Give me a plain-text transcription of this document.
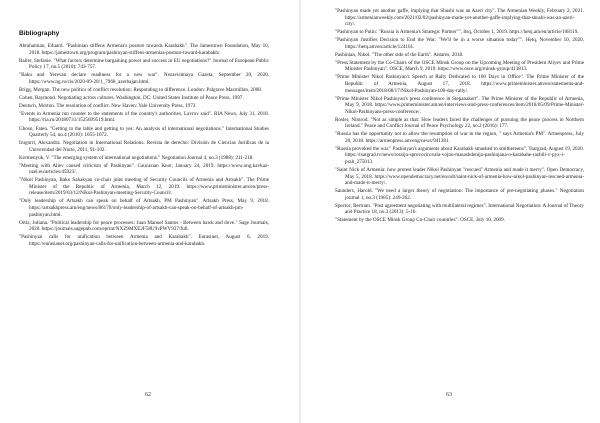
Bibliography
Abrahamian, Eduard. "Pashinian stiffens Armenia's posture towards Karabakh". The Jamestown Foundation, May 10, 2018. https://jamestown.org/program/pashinyan-stiffens-armenias-posture-toward-karabakh/.
Bailer, Stefanie. "What factors determine bargaining power and success in EU negotiations?" Journal of European Public Policy 17, no.5 (2010): 743-757.
"Baku and Yerevan declare readiness for a new war". Nezavisimaya Gazeta, September 20, 2020. https://www.ng.ru/cis/2020-09-20/1_7968_azerbajan.html.
Brigg, Morgan. The new politics of conflict resolution: Responding to difference. London: Palgrave Macmillan, 2008.
Cohen, Raymond. Negotiating across cultures. Washington, DC: United States Institute of Peace Press, 1997.
Deutsch, Morton. The resolution of conflict. New Haven: Yale University Press, 1973.
"Events in Armenia run counter to the statements of the country's authorities, Lavrov said". RIA News, July 31, 2018. https://ria.ru/20180731/1525699519.html.
Ghosn, Faten. "Getting to the table and getting to yes: An analysis of international negotiations." International Studies Quarterly 54, no.4 (2010): 1055-1072.
Irugorri, Alexandra. Negotiation in International Relations. Revista de derecho: División de Ciencias Jurídicas de la Universidad del Norte, 2011, 91-102.
Kremenyuk, V. "The emerging system of international negotiations." Negotiation Journal 4, no.3 (1988): 211-218.
"Meeting with Aliev caused criticism of Pashinyan". Caucasian Knot, January 24, 2019. https://www.ong.kavkaz-uzel.eu/articles/45923/.
"Nikol Pashinyan, Bako Sahakyan co-chair joint meeting of Security Councils of Armenia and Artsakh". The Prime Minister of the Republic of Armenia, March 12, 2019. https://www.primeminister.am/en/press-release/item/2019/03/12/Nikol-Pashinyan-meeting-Security-Council/.
"Only leadership of Artsakh can speak on behalf of Artsakh, PM Pashinyan". Artsakh Press, May 9, 2018. https://artsakhpress.am/eng/news/86170/only-leadership-of-artsakh-can-speak-on-behalf-of-artsakh-pm-pashinyan.html.
Ortiz, Juliana. "Political leadership for peace processes: Juan Manuel Santos - Between hawk and dove." Sage Journals, 2020. https://journals.sagepub.com/eprint/NXZ9MXE2F58U9vPWV937/full.
"Pashinyan calls for unification between Armenia and Karabakh". Eurasinet, August 6, 2019. https://eurasianet.org/pashinyan-calls-for-unification-between-armenia-and-karabakh.
62
"Pashinyan made yet another gaffe, implying that Shushi was an Azeri city". The Armenian Weekly, February 2, 2021. https://armenianweekly.com/2021/02/02/pashinyan-made-yet-another-gaffe-implying-that-shushi-was-an-azeri-city/.
"Pashinyan to Putin: "Russia is Armenia's Strategic Partner"", Itsq, October 1, 2019. https://hetq.am/en/article/108119.
"Pashinyan Justifies Decision to End the War: "We'll be in a worse situation today"". Hetq, November 10, 2020. https://hetq.am/en/article/124161.
Pashinian, Nikol. "The other side of the Earth". Antares, 2018.
"Press Statement by the Co-Chairs of the OSCE Minsk Group on the Upcoming Meeting of President Aliyev and Prime Minister Pashinyan". OSCE, March 9, 2019. https://www.osce.org/minsk-group/413813.
"Prime Minister Nikol Pashinyan's Speech at Rally Dedicated to 100 Days in Office". The Prime Minister of the Republic of Armenia, August 17, 2018. https://www.primeminister.am/en/statements-and-messages/item/2018/08/17/Nikol-Pashinyan-100-day-rally/.
"Prime Minister Nikol Pashinyan's press conference in Stepanakert". The Prime Minister of the Republic of Armenia, May 9, 2018. https://www.primeminister.am/en/interviews-and-press-conferences/item/2018/05/09/Prime-Minister-Nikol-Pashinyans-press-conference/.
Rosler, Nimrod. "Not as simple as that: How leaders faced the challenges of pursuing the peace process in Northern Ireland." Peace and Conflict Journal of Peace Psychology 22, no.2 (2016): 177.
"Russia has the opportunity not to allow the resumption of war in the region, " says Armenia's PM". Armenpress, July 20, 2018. https://armenpress.am/eng/news/941381.
"Russia provoked the war." Pashinyan's arguments about Karabakh smashed to smithereens". Tsargrad, August 19, 2020. https://tsargrad.tv/news/rossija-sprovocirovala-vojnu-masashdenija-pashinjana-o-karabahe-razbili-v-pух-i-prah_275013.
"Saint Nick of Armenia: how protest leader Nikol Pashinyan "rescued" Armenia and made it merry". Open Democracy, May 5, 2018. https://www.opendemocracy.net/en/odr/saint-nick-of-armenia-how-nikol-pashinyan-rescued-armenia-and-made-it-merry/.
Saunders, Harold. "We need a larger theory of negotiation: The importance of pre-negotiating phases." Negotiation journal 1, no.3 (1985): 249-262.
Spector, Bertram. "Post agreement negotiating with multilateral regimes". International Negotiation: A Journal of Theory and Practice 18, no.3 (2013): 5-16.
"Statement by the OSCE Minsk Group Co-Chair countries". OSCE, July 10, 2009.
63
